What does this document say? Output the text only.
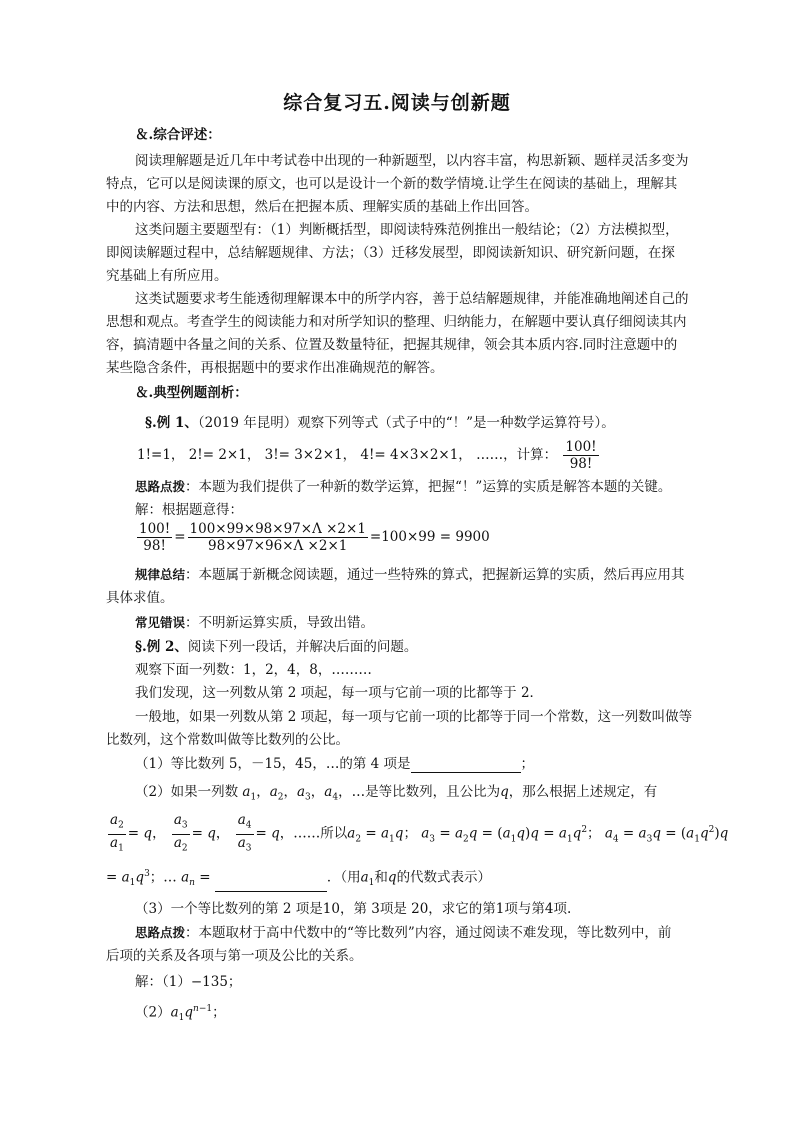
综合复习五.阅读与创新题
＆.综合评述：
阅读理解题是近几年中考试卷中出现的一种新题型，以内容丰富，构思新颖、题样灵活多变为
特点，它可以是阅读课的原文，也可以是设计一个新的数学情境.让学生在阅读的基础上，理解其
中的内容、方法和思想，然后在把握本质、理解实质的基础上作出回答。
这类问题主要题型有：（1）判断概括型，即阅读特殊范例推出一般结论；（2）方法模拟型，
即阅读解题过程中，总结解题规律、方法；（3）迁移发展型，即阅读新知识、研究新问题，在探
究基础上有所应用。
这类试题要求考生能透彻理解课本中的所学内容，善于总结解题规律，并能准确地阐述自己的
思想和观点。考查学生的阅读能力和对所学知识的整理、归纳能力，在解题中要认真仔细阅读其内
容，搞清题中各量之间的关系、位置及数量特征，把握其规律，领会其本质内容.同时注意题中的
某些隐含条件，再根据题中的要求作出准确规范的解答。
＆.典型例题剖析：
§.例 1、（2019 年昆明）观察下列等式（式子中的“！”是一种数学运算符号）。
1!=1， 2!= 2×1， 3!= 3×2×1， 4!= 4×3×2×1， ……，计算： $\frac{100!}{98!}$
思路点拨：本题为我们提供了一种新的数学运算，把握“！”运算的实质是解答本题的关键。
解：根据题意得：
$\frac{100!}{98!} = \frac{100\times 99\times 98\times 97\times\Lambda \times 2\times 1}{98\times 97\times 96\times\Lambda \times 2\times 1} =100\times 99 = 9900$
规律总结：本题属于新概念阅读题，通过一些特殊的算式，把握新运算的实质，然后再应用其
具体求值。
常见错误：不明新运算实质，导致出错。
§.例 2、阅读下列一段话，并解决后面的问题。
观察下面一列数：1，2，4，8，………
我们发现，这一列数从第 2 项起，每一项与它前一项的比都等于 2．
一般地，如果一列数从第 2 项起，每一项与它前一项的比都等于同一个常数，这一列数叫做等
比数列，这个常数叫做等比数列的公比。
（1）等比数列 5，－15，45，…的第 4 项是	；
（2）如果一列数 $a_1$，$a_2$，$a_3$，$a_4$，…是等比数列，且公比为q，那么根据上述规定，有
$\frac{a_2}{a_1} = q$， $\frac{a_3}{a_2} = q$， $\frac{a_4}{a_3} = q$，……所以$a_2 = a_1q$； $a_3 = a_2q = (a_1q)q = a_1q^2$； $a_4 = a_3q = (a_1q^2)q$
= $a_1q^3$；… $a_n$ =	．（用$a_1$和q的代数式表示）
（3）一个等比数列的第 2 项是10，第 3项是 20，求它的第1项与第4项.
思路点拨：本题取材于高中代数中的“等比数列”内容，通过阅读不难发现，等比数列中，前
后项的关系及各项与第一项及公比的关系。
解：（1）−135；
$(2)a_1q^{n-1}$；
